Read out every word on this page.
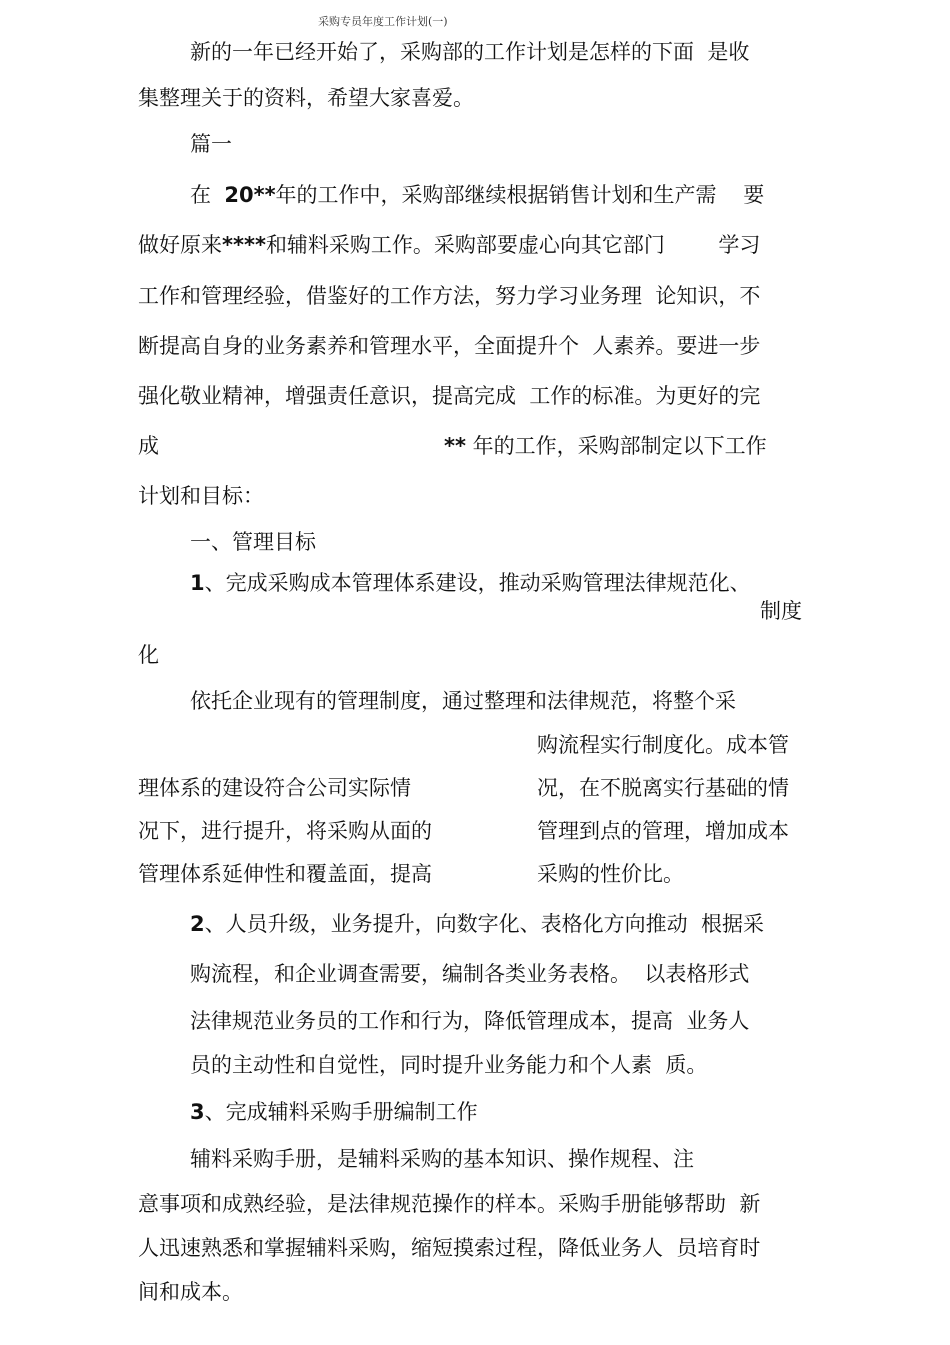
采购专员年度工作计划(一)
新的一年已经开始了，采购部的工作计划是怎样的下面  是收
集整理关于的资料，希望大家喜爱。
篇一
在  20**年的工作中，采购部继续根据销售计划和生产需    要
做好原来****和辅料采购工作。采购部要虚心向其它部门        学习
工作和管理经验，借鉴好的工作方法，努力学习业务理  论知识，不
断提高自身的业务素养和管理水平，全面提升个  人素养。要进一步
强化敬业精神，增强责任意识，提高完成  工作的标准。为更好的完
成	** 年的工作，采购部制定以下工作
计划和目标：
一、管理目标
1、完成采购成本管理体系建设，推动采购管理法律规范化、
制度
化
依托企业现有的管理制度，通过整理和法律规范，将整个采
购流程实行制度化。成本管
理体系的建设符合公司实际情	况，在不脱离实行基础的情
况下，进行提升，将采购从面的	管理到点的管理，增加成本
管理体系延伸性和覆盖面，提高	采购的性价比。
2、人员升级，业务提升，向数字化、表格化方向推动  根据采
购流程，和企业调查需要，编制各类业务表格。  以表格形式
法律规范业务员的工作和行为，降低管理成本，提高  业务人
员的主动性和自觉性，同时提升业务能力和个人素  质。
3、完成辅料采购手册编制工作
辅料采购手册，是辅料采购的基本知识、操作规程、注
意事项和成熟经验，是法律规范操作的样本。采购手册能够帮助  新
人迅速熟悉和掌握辅料采购，缩短摸索过程，降低业务人  员培育时
间和成本。
